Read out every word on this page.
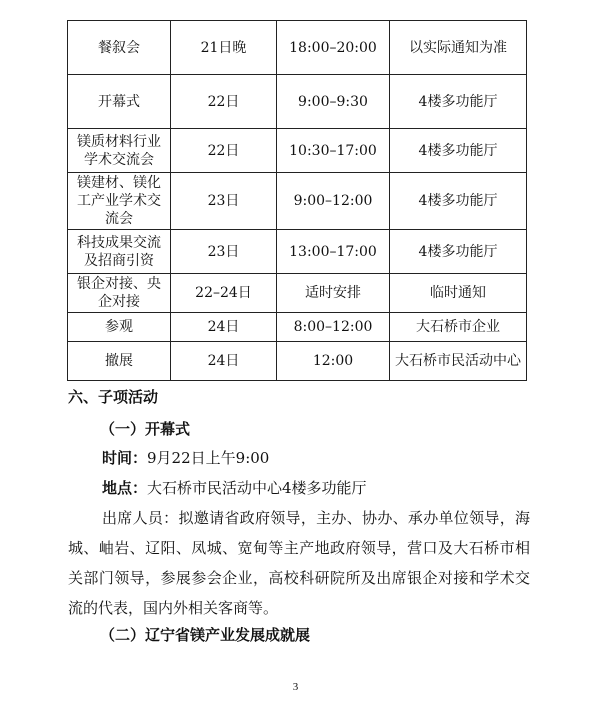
餐叙会	21日晚	18:00–20:00	以实际通知为准
开幕式	22日	9:00–9:30	4楼多功能厅
镁质材料行业学术交流会	22日	10:30–17:00	4楼多功能厅
镁建材、镁化工产业学术交流会	23日	9:00–12:00	4楼多功能厅
科技成果交流及招商引资	23日	13:00–17:00	4楼多功能厅
银企对接、央企对接	22–24日	适时安排	临时通知
参观	24日	8:00–12:00	大石桥市企业
撤展	24日	12:00	大石桥市民活动中心
六、子项活动
（一）开幕式
时间：9月22日上午9:00
地点：大石桥市民活动中心4楼多功能厅
出席人员：拟邀请省政府领导，主办、协办、承办单位领导，海城、岫岩、辽阳、凤城、宽甸等主产地政府领导，营口及大石桥市相关部门领导，参展参会企业，高校科研院所及出席银企对接和学术交流的代表，国内外相关客商等。
（二）辽宁省镁产业发展成就展
3
